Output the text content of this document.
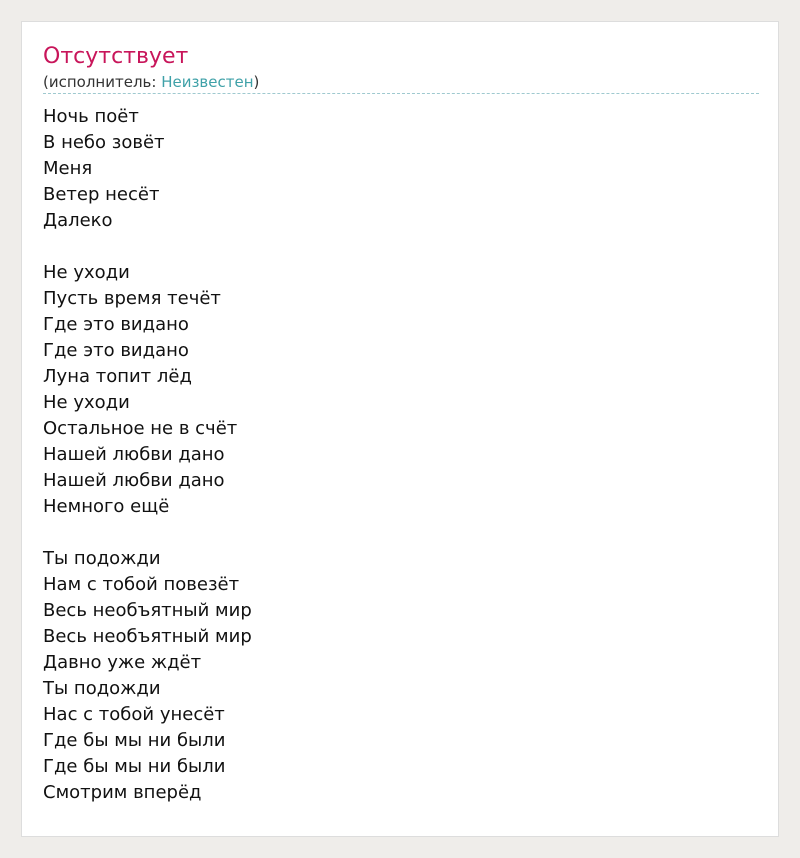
Отсутствует
(исполнитель: Неизвестен)
Ночь поёт
В небо зовёт
Меня
Ветер несёт
Далеко
Не уходи
Пусть время течёт
Где это видано
Где это видано
Луна топит лёд
Не уходи
Остальное не в счёт
Нашей любви дано
Нашей любви дано
Немного ещё
Ты подожди
Нам с тобой повезёт
Весь необъятный мир
Весь необъятный мир
Давно уже ждёт
Ты подожди
Нас с тобой унесёт
Где бы мы ни были
Где бы мы ни были
Смотрим вперёд
